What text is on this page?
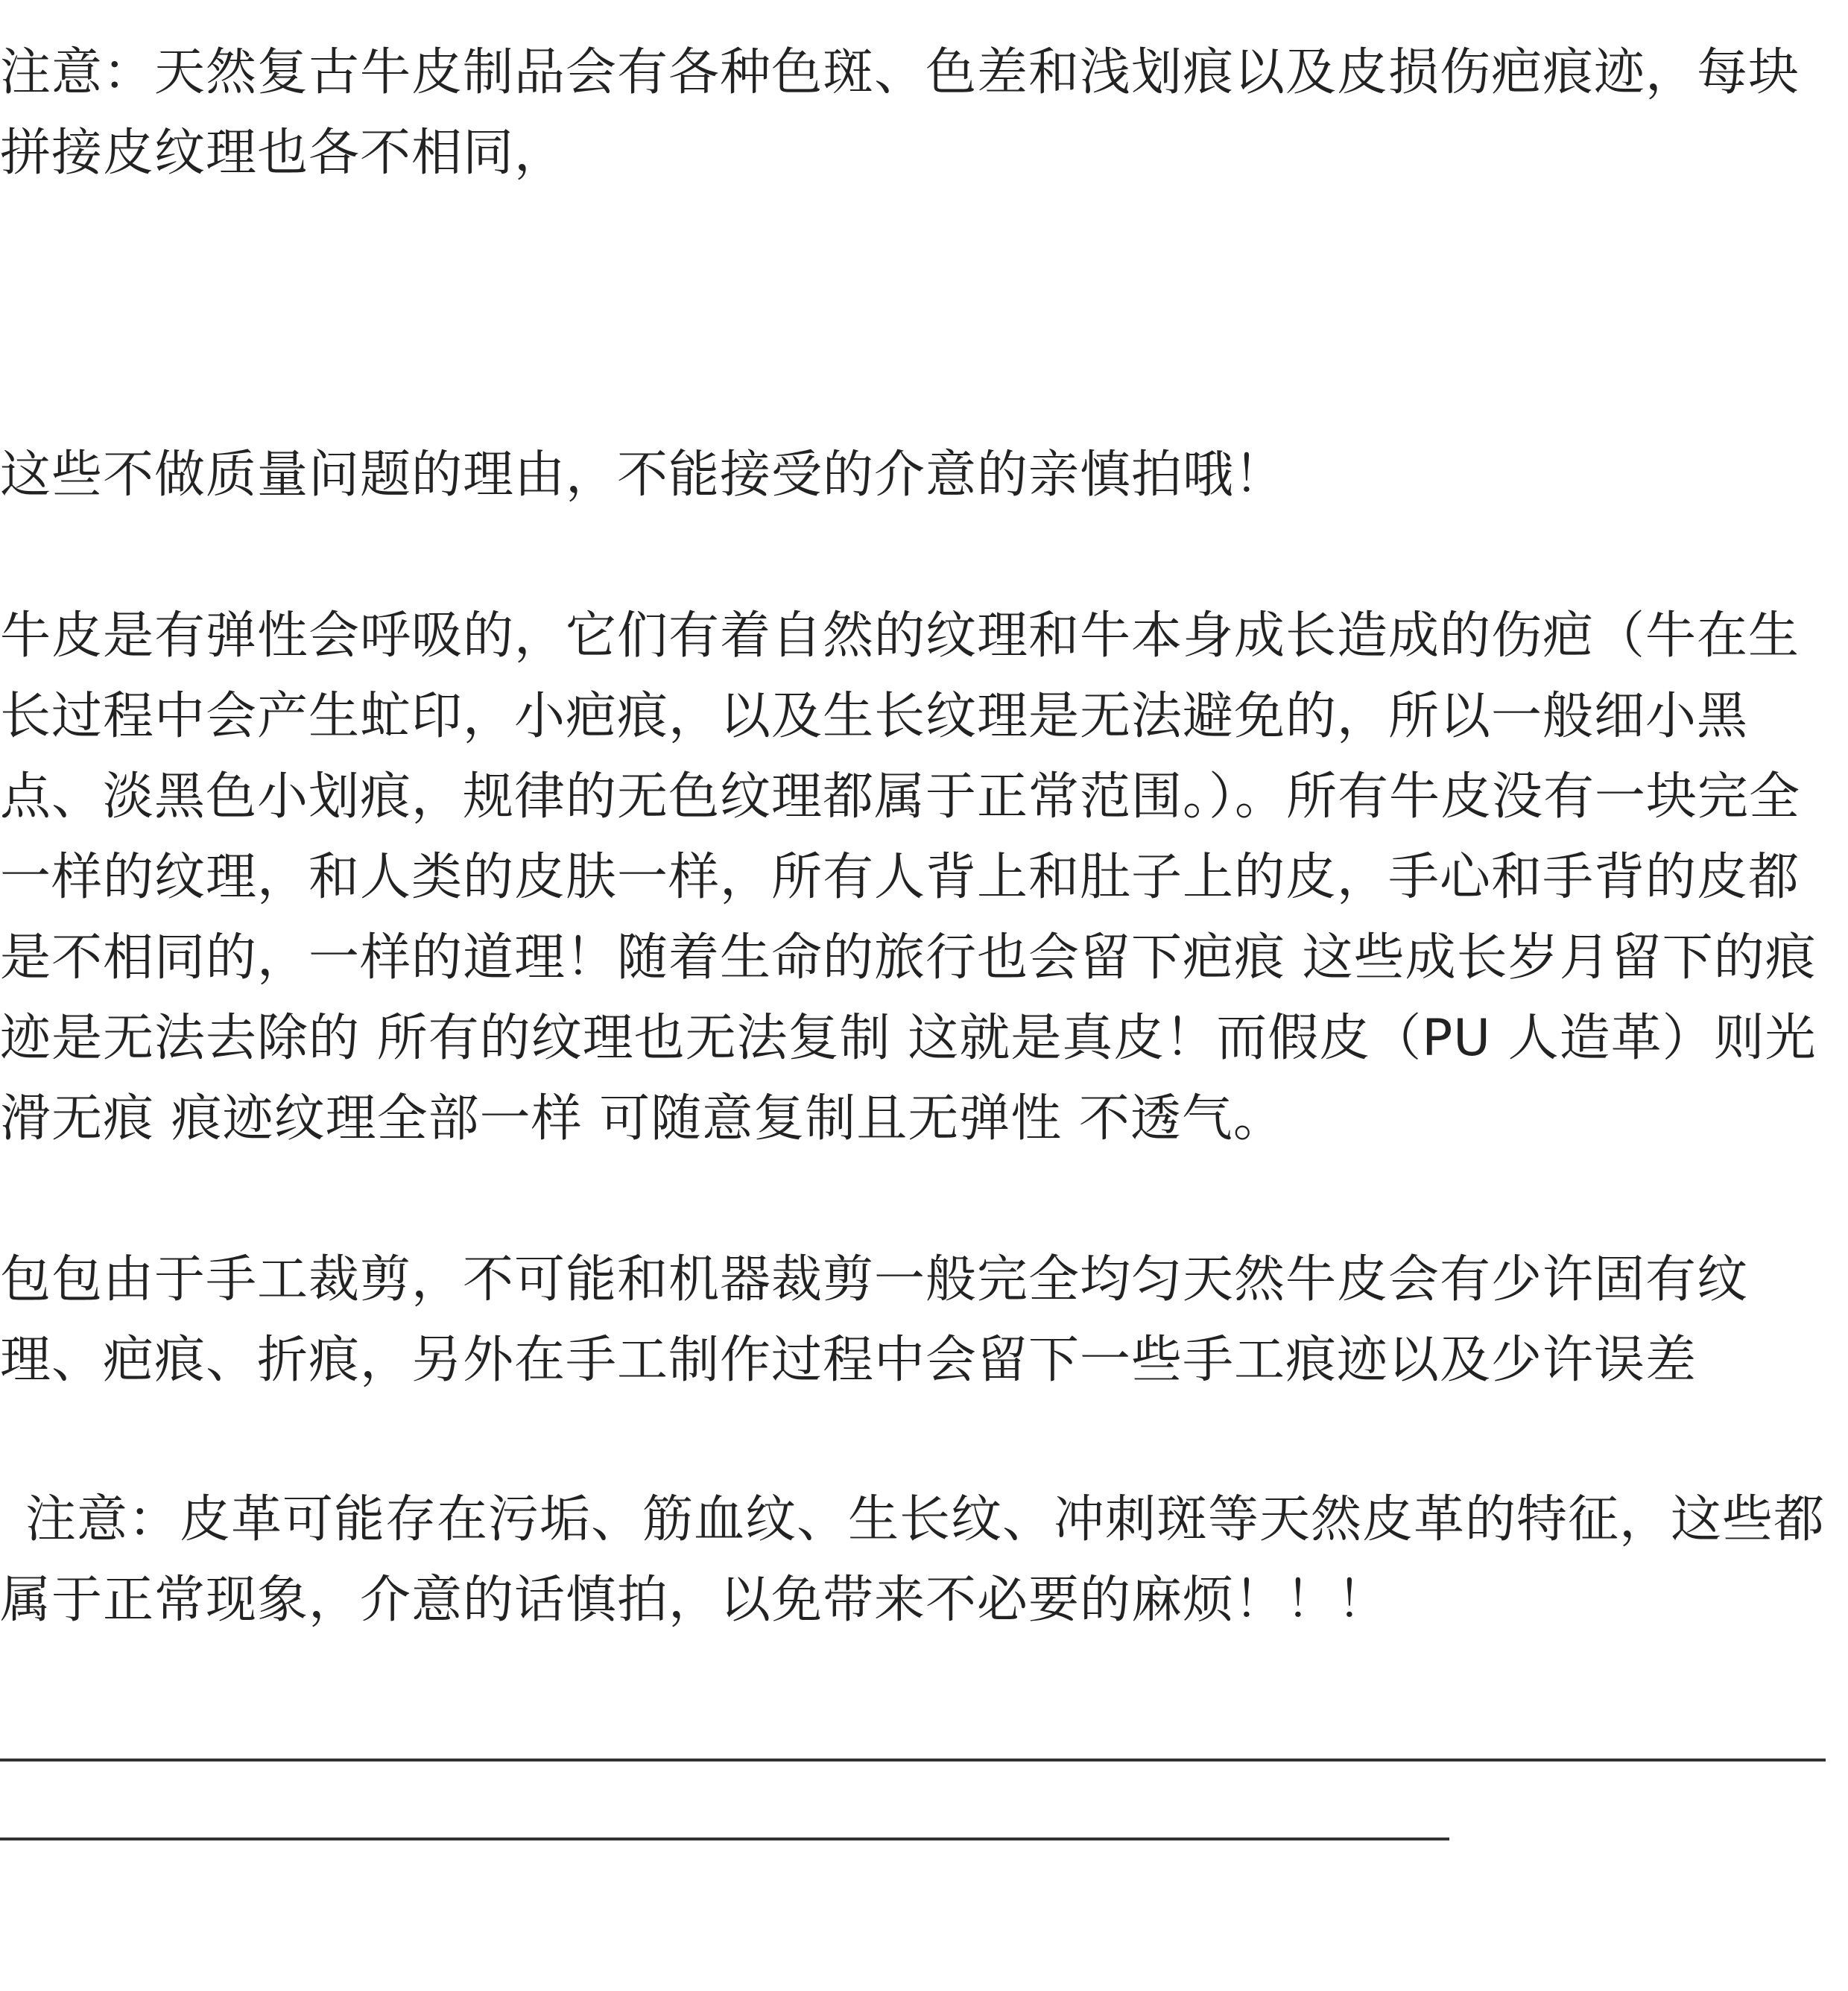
注意：天然复古牛皮制品会有各种色斑、色差和浅划痕以及皮损伤疤痕迹，每块拼接皮纹理也各不相同，

这些不做质量问题的理由，不能接受的介意的亲慎拍哦！

牛皮是有弹性会呼吸的，它们有着自然的纹理和牛本身成长造成的伤疤（牛在生长过程中会产生虻印，小疤痕，以及生长纹理是无法避免的，所以一般细小黑点、淡黑色小划痕，规律的无色纹理都属于正常范围。）。所有牛皮没有一块完全一样的纹理，和人类的皮肤一样，所有人背上和肚子上的皮，手心和手背的皮都是不相同的，一样的道理！随着生命的旅行也会留下疤痕 这些成长岁月留下的痕迹是无法去除的 所有的纹理也无法复制 这就是真皮！而假皮（PU 人造革）则光滑无痕 痕迹纹理全部一样 可随意复制且无弹性 不透气。

包包由于手工裁剪，不可能和机器裁剪一般完全均匀天然牛皮会有少许固有纹理、疤痕、折痕，另外在手工制作过程中会留下一些手工痕迹以及少许误差

注意：皮革可能存在污垢、筋血纹、生长纹、冲刺斑等天然皮革的特征，这些都属于正常现象，介意的话慎拍，以免带来不必要的麻烦！！！
